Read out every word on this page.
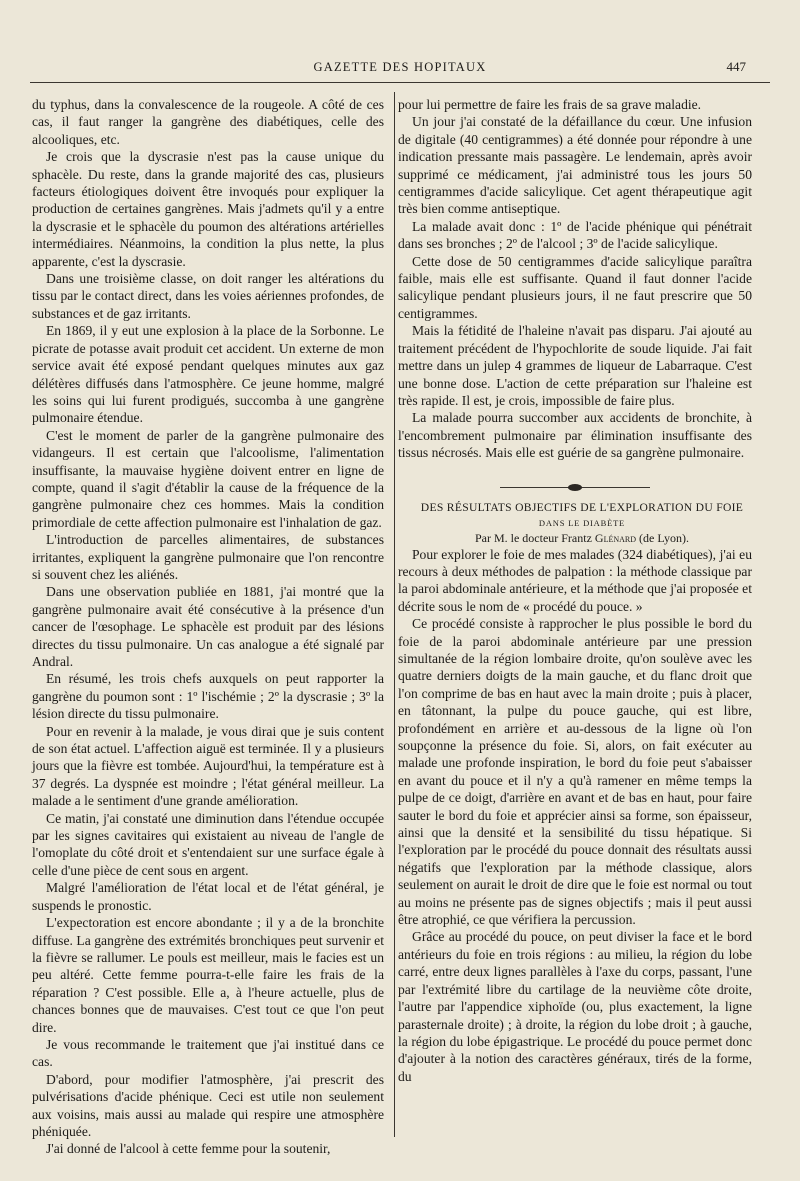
GAZETTE DES HOPITAUX	447

du typhus, dans la convalescence de la rougeole. A côté de ces cas, il faut ranger la gangrène des diabétiques, celle des alcooliques, etc.

Je crois que la dyscrasie n'est pas la cause unique du sphacèle. Du reste, dans la grande majorité des cas, plusieurs facteurs étiologiques doivent être invoqués pour expliquer la production de certaines gangrènes. Mais j'admets qu'il y a entre la dyscrasie et le sphacèle du poumon des altérations artérielles intermédiaires. Néanmoins, la condition la plus nette, la plus apparente, c'est la dyscrasie.

Dans une troisième classe, on doit ranger les altérations du tissu par le contact direct, dans les voies aériennes profondes, de substances et de gaz irritants.

En 1869, il y eut une explosion à la place de la Sorbonne. Le picrate de potasse avait produit cet accident. Un externe de mon service avait été exposé pendant quelques minutes aux gaz délétères diffusés dans l'atmosphère. Ce jeune homme, malgré les soins qui lui furent prodigués, succomba à une gangrène pulmonaire étendue.

C'est le moment de parler de la gangrène pulmonaire des vidangeurs. Il est certain que l'alcoolisme, l'alimentation insuffisante, la mauvaise hygiène doivent entrer en ligne de compte, quand il s'agit d'établir la cause de la fréquence de la gangrène pulmonaire chez ces hommes. Mais la condition primordiale de cette affection pulmonaire est l'inhalation de gaz.

L'introduction de parcelles alimentaires, de substances irritantes, expliquent la gangrène pulmonaire que l'on rencontre si souvent chez les aliénés.

Dans une observation publiée en 1881, j'ai montré que la gangrène pulmonaire avait été consécutive à la présence d'un cancer de l'œsophage. Le sphacèle est produit par des lésions directes du tissu pulmonaire. Un cas analogue a été signalé par Andral.

En résumé, les trois chefs auxquels on peut rapporter la gangrène du poumon sont : 1º l'ischémie ; 2º la dyscrasie ; 3º la lésion directe du tissu pulmonaire.

Pour en revenir à la malade, je vous dirai que je suis content de son état actuel. L'affection aiguë est terminée. Il y a plusieurs jours que la fièvre est tombée. Aujourd'hui, la température est à 37 degrés. La dyspnée est moindre ; l'état général meilleur. La malade a le sentiment d'une grande amélioration.

Ce matin, j'ai constaté une diminution dans l'étendue occupée par les signes cavitaires qui existaient au niveau de l'angle de l'omoplate du côté droit et s'entendaient sur une surface égale à celle d'une pièce de cent sous en argent.

Malgré l'amélioration de l'état local et de l'état général, je suspends le pronostic.

L'expectoration est encore abondante ; il y a de la bronchite diffuse. La gangrène des extrémités bronchiques peut survenir et la fièvre se rallumer. Le pouls est meilleur, mais le facies est un peu altéré. Cette femme pourra-t-elle faire les frais de la réparation ? C'est possible. Elle a, à l'heure actuelle, plus de chances bonnes que de mauvaises. C'est tout ce que l'on peut dire.

Je vous recommande le traitement que j'ai institué dans ce cas.

D'abord, pour modifier l'atmosphère, j'ai prescrit des pulvérisations d'acide phénique. Ceci est utile non seulement aux voisins, mais aussi au malade qui respire une atmosphère phéniquée.

J'ai donné de l'alcool à cette femme pour la soutenir,

pour lui permettre de faire les frais de sa grave maladie.

Un jour j'ai constaté de la défaillance du cœur. Une infusion de digitale (40 centigrammes) a été donnée pour répondre à une indication pressante mais passagère. Le lendemain, après avoir supprimé ce médicament, j'ai administré tous les jours 50 centigrammes d'acide salicylique. Cet agent thérapeutique agit très bien comme antiseptique.

La malade avait donc : 1º de l'acide phénique qui pénétrait dans ses bronches ; 2º de l'alcool ; 3º de l'acide salicylique.

Cette dose de 50 centigrammes d'acide salicylique paraîtra faible, mais elle est suffisante. Quand il faut donner l'acide salicylique pendant plusieurs jours, il ne faut prescrire que 50 centigrammes.

Mais la fétidité de l'haleine n'avait pas disparu. J'ai ajouté au traitement précédent de l'hypochlorite de soude liquide. J'ai fait mettre dans un julep 4 grammes de liqueur de Labarraque. C'est une bonne dose. L'action de cette préparation sur l'haleine est très rapide. Il est, je crois, impossible de faire plus.

La malade pourra succomber aux accidents de bronchite, à l'encombrement pulmonaire par élimination insuffisante des tissus nécrosés. Mais elle est guérie de sa gangrène pulmonaire.

DES RÉSULTATS OBJECTIFS DE L'EXPLORATION DU FOIE

DANS LE DIABÈTE

Par M. le docteur Frantz Glénard (de Lyon).

Pour explorer le foie de mes malades (324 diabétiques), j'ai eu recours à deux méthodes de palpation : la méthode classique par la paroi abdominale antérieure, et la méthode que j'ai proposée et décrite sous le nom de « procédé du pouce. »

Ce procédé consiste à rapprocher le plus possible le bord du foie de la paroi abdominale antérieure par une pression simultanée de la région lombaire droite, qu'on soulève avec les quatre derniers doigts de la main gauche, et du flanc droit que l'on comprime de bas en haut avec la main droite ; puis à placer, en tâtonnant, la pulpe du pouce gauche, qui est libre, profondément en arrière et au-dessous de la ligne où l'on soupçonne la présence du foie. Si, alors, on fait exécuter au malade une profonde inspiration, le bord du foie peut s'abaisser en avant du pouce et il n'y a qu'à ramener en même temps la pulpe de ce doigt, d'arrière en avant et de bas en haut, pour faire sauter le bord du foie et apprécier ainsi sa forme, son épaisseur, ainsi que la densité et la sensibilité du tissu hépatique. Si l'exploration par le procédé du pouce donnait des résultats aussi négatifs que l'exploration par la méthode classique, alors seulement on aurait le droit de dire que le foie est normal ou tout au moins ne présente pas de signes objectifs ; mais il peut aussi être atrophié, ce que vérifiera la percussion.

Grâce au procédé du pouce, on peut diviser la face et le bord antérieurs du foie en trois régions : au milieu, la région du lobe carré, entre deux lignes parallèles à l'axe du corps, passant, l'une par l'extrémité libre du cartilage de la neuvième côte droite, l'autre par l'appendice xiphoïde (ou, plus exactement, la ligne parasternale droite) ; à droite, la région du lobe droit ; à gauche, la région du lobe épigastrique. Le procédé du pouce permet donc d'ajouter à la notion des caractères généraux, tirés de la forme, du
